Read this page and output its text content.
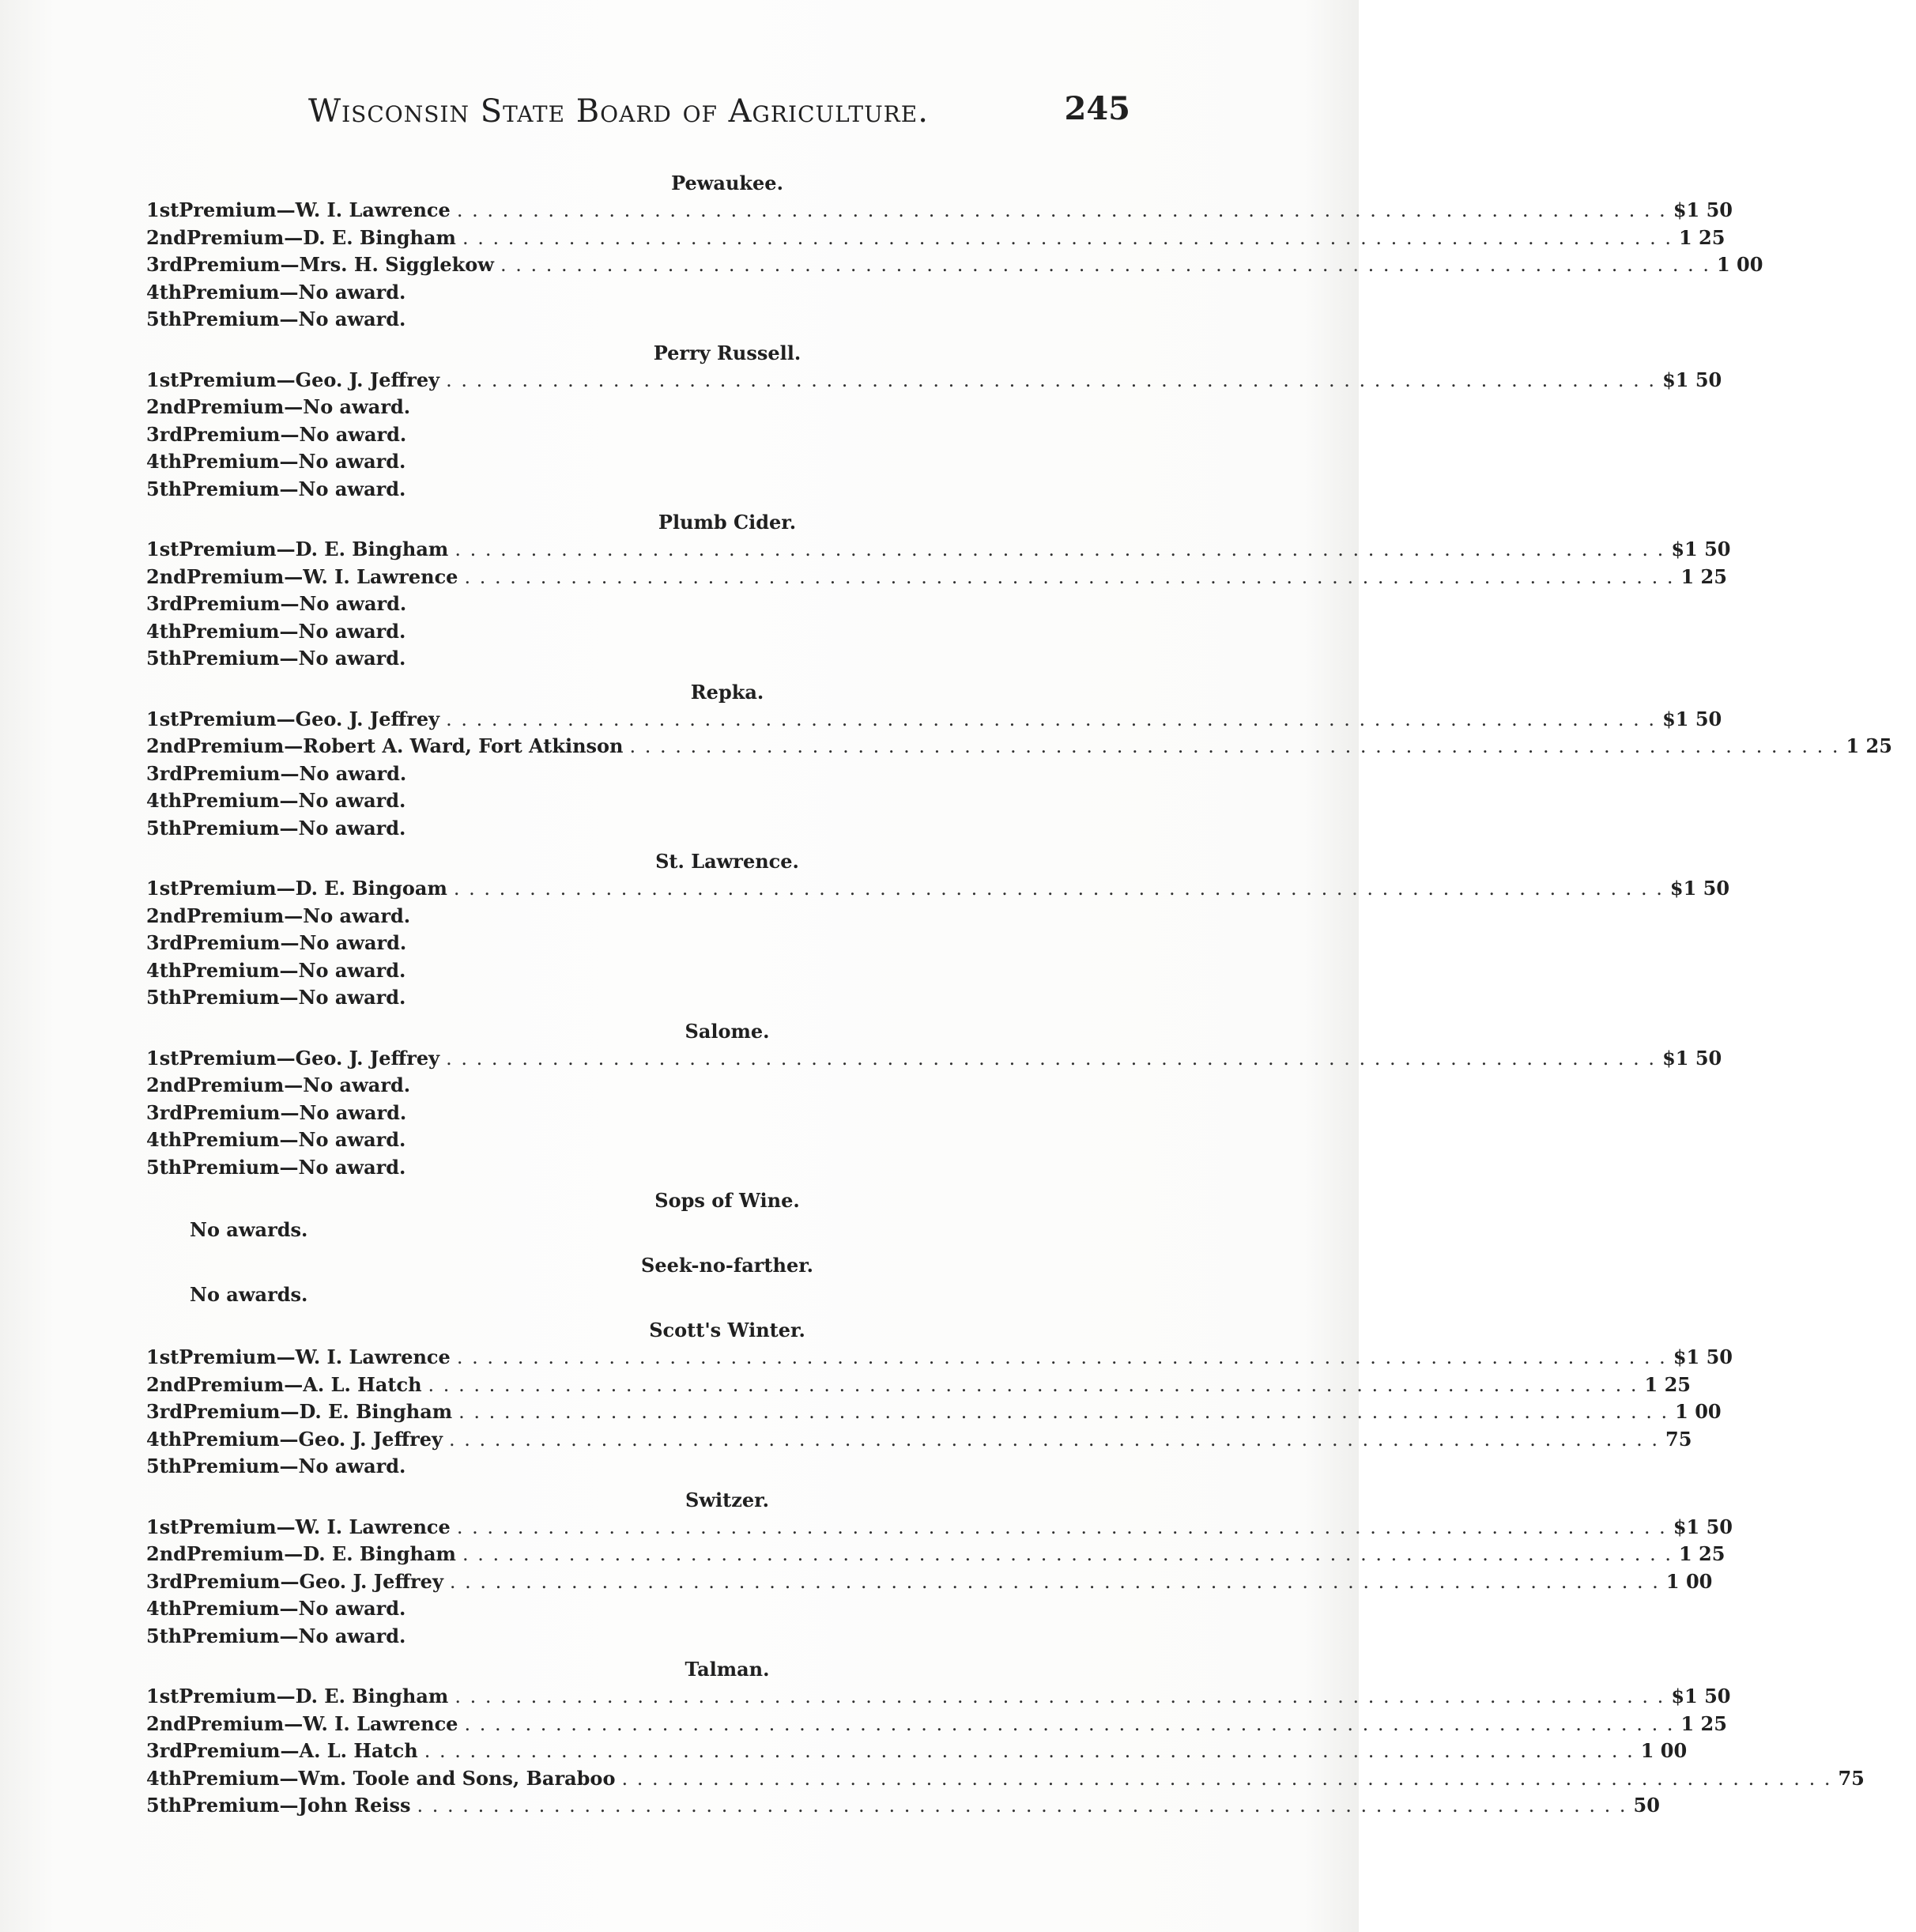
Wisconsin State Board of Agriculture.	245
Pewaukee.
1st Premium—W. I. Lawrence . . . . . . . . . . . . . . . . . . . . . . . . . . . . . . . . . . . . . . . . . . . . . . . . . . . . . . . . . . . . . . . . . . . . . . . . . . . . . . . . $1 50
2nd Premium—D. E. Bingham . . . . . . . . . . . . . . . . . . . . . . . . . . . . . . . . . . . . . . . . . . . . . . . . . . . . . . . . . . . . . . . . . . . . . . . . . . . . . . . . 1 25
3rd Premium—Mrs. H. Sigglekow . . . . . . . . . . . . . . . . . . . . . . . . . . . . . . . . . . . . . . . . . . . . . . . . . . . . . . . . . . . . . . . . . . . . . . . . . . . . . . . . 1 00
4th Premium—No award.
5th Premium—No award.
Perry Russell.
1st Premium—Geo. J. Jeffrey . . . . . . . . . . . . . . . . . . . . . . . . . . . . . . . . . . . . . . . . . . . . . . . . . . . . . . . . . . . . . . . . . . . . . . . . . . . . . . . . $1 50
2nd Premium—No award.
3rd Premium—No award.
4th Premium—No award.
5th Premium—No award.
Plumb Cider.
1st Premium—D. E. Bingham . . . . . . . . . . . . . . . . . . . . . . . . . . . . . . . . . . . . . . . . . . . . . . . . . . . . . . . . . . . . . . . . . . . . . . . . . . . . . . . . $1 50
2nd Premium—W. I. Lawrence . . . . . . . . . . . . . . . . . . . . . . . . . . . . . . . . . . . . . . . . . . . . . . . . . . . . . . . . . . . . . . . . . . . . . . . . . . . . . . . . 1 25
3rd Premium—No award.
4th Premium—No award.
5th Premium—No award.
Repka.
1st Premium—Geo. J. Jeffrey . . . . . . . . . . . . . . . . . . . . . . . . . . . . . . . . . . . . . . . . . . . . . . . . . . . . . . . . . . . . . . . . . . . . . . . . . . . . . . . . $1 50
2nd Premium—Robert A. Ward, Fort Atkinson . . . . . . . . . . . . . . . . . . . . . . . . . . . . . . . . . . . . . . . . . . . . . . . . . . . . . . . . . . . . . . . . . . . . . . . . . . . . . . . . 1 25
3rd Premium—No award.
4th Premium—No award.
5th Premium—No award.
St. Lawrence.
1st Premium—D. E. Bingoam . . . . . . . . . . . . . . . . . . . . . . . . . . . . . . . . . . . . . . . . . . . . . . . . . . . . . . . . . . . . . . . . . . . . . . . . . . . . . . . . $1 50
2nd Premium—No award.
3rd Premium—No award.
4th Premium—No award.
5th Premium—No award.
Salome.
1st Premium—Geo. J. Jeffrey . . . . . . . . . . . . . . . . . . . . . . . . . . . . . . . . . . . . . . . . . . . . . . . . . . . . . . . . . . . . . . . . . . . . . . . . . . . . . . . . $1 50
2nd Premium—No award.
3rd Premium—No award.
4th Premium—No award.
5th Premium—No award.
Sops of Wine.
No awards.
Seek-no-farther.
No awards.
Scott's Winter.
1st Premium—W. I. Lawrence . . . . . . . . . . . . . . . . . . . . . . . . . . . . . . . . . . . . . . . . . . . . . . . . . . . . . . . . . . . . . . . . . . . . . . . . . . . . . . . . $1 50
2nd Premium—A. L. Hatch . . . . . . . . . . . . . . . . . . . . . . . . . . . . . . . . . . . . . . . . . . . . . . . . . . . . . . . . . . . . . . . . . . . . . . . . . . . . . . . . 1 25
3rd Premium—D. E. Bingham . . . . . . . . . . . . . . . . . . . . . . . . . . . . . . . . . . . . . . . . . . . . . . . . . . . . . . . . . . . . . . . . . . . . . . . . . . . . . . . . 1 00
4th Premium—Geo. J. Jeffrey . . . . . . . . . . . . . . . . . . . . . . . . . . . . . . . . . . . . . . . . . . . . . . . . . . . . . . . . . . . . . . . . . . . . . . . . . . . . . . . . 75
5th Premium—No award.
Switzer.
1st Premium—W. I. Lawrence . . . . . . . . . . . . . . . . . . . . . . . . . . . . . . . . . . . . . . . . . . . . . . . . . . . . . . . . . . . . . . . . . . . . . . . . . . . . . . . . $1 50
2nd Premium—D. E. Bingham . . . . . . . . . . . . . . . . . . . . . . . . . . . . . . . . . . . . . . . . . . . . . . . . . . . . . . . . . . . . . . . . . . . . . . . . . . . . . . . . 1 25
3rd Premium—Geo. J. Jeffrey . . . . . . . . . . . . . . . . . . . . . . . . . . . . . . . . . . . . . . . . . . . . . . . . . . . . . . . . . . . . . . . . . . . . . . . . . . . . . . . . 1 00
4th Premium—No award.
5th Premium—No award.
Talman.
1st Premium—D. E. Bingham . . . . . . . . . . . . . . . . . . . . . . . . . . . . . . . . . . . . . . . . . . . . . . . . . . . . . . . . . . . . . . . . . . . . . . . . . . . . . . . . $1 50
2nd Premium—W. I. Lawrence . . . . . . . . . . . . . . . . . . . . . . . . . . . . . . . . . . . . . . . . . . . . . . . . . . . . . . . . . . . . . . . . . . . . . . . . . . . . . . . . 1 25
3rd Premium—A. L. Hatch . . . . . . . . . . . . . . . . . . . . . . . . . . . . . . . . . . . . . . . . . . . . . . . . . . . . . . . . . . . . . . . . . . . . . . . . . . . . . . . . 1 00
4th Premium—Wm. Toole and Sons, Baraboo . . . . . . . . . . . . . . . . . . . . . . . . . . . . . . . . . . . . . . . . . . . . . . . . . . . . . . . . . . . . . . . . . . . . . . . . . . . . . . . . 75
5th Premium—John Reiss . . . . . . . . . . . . . . . . . . . . . . . . . . . . . . . . . . . . . . . . . . . . . . . . . . . . . . . . . . . . . . . . . . . . . . . . . . . . . . . . 50
